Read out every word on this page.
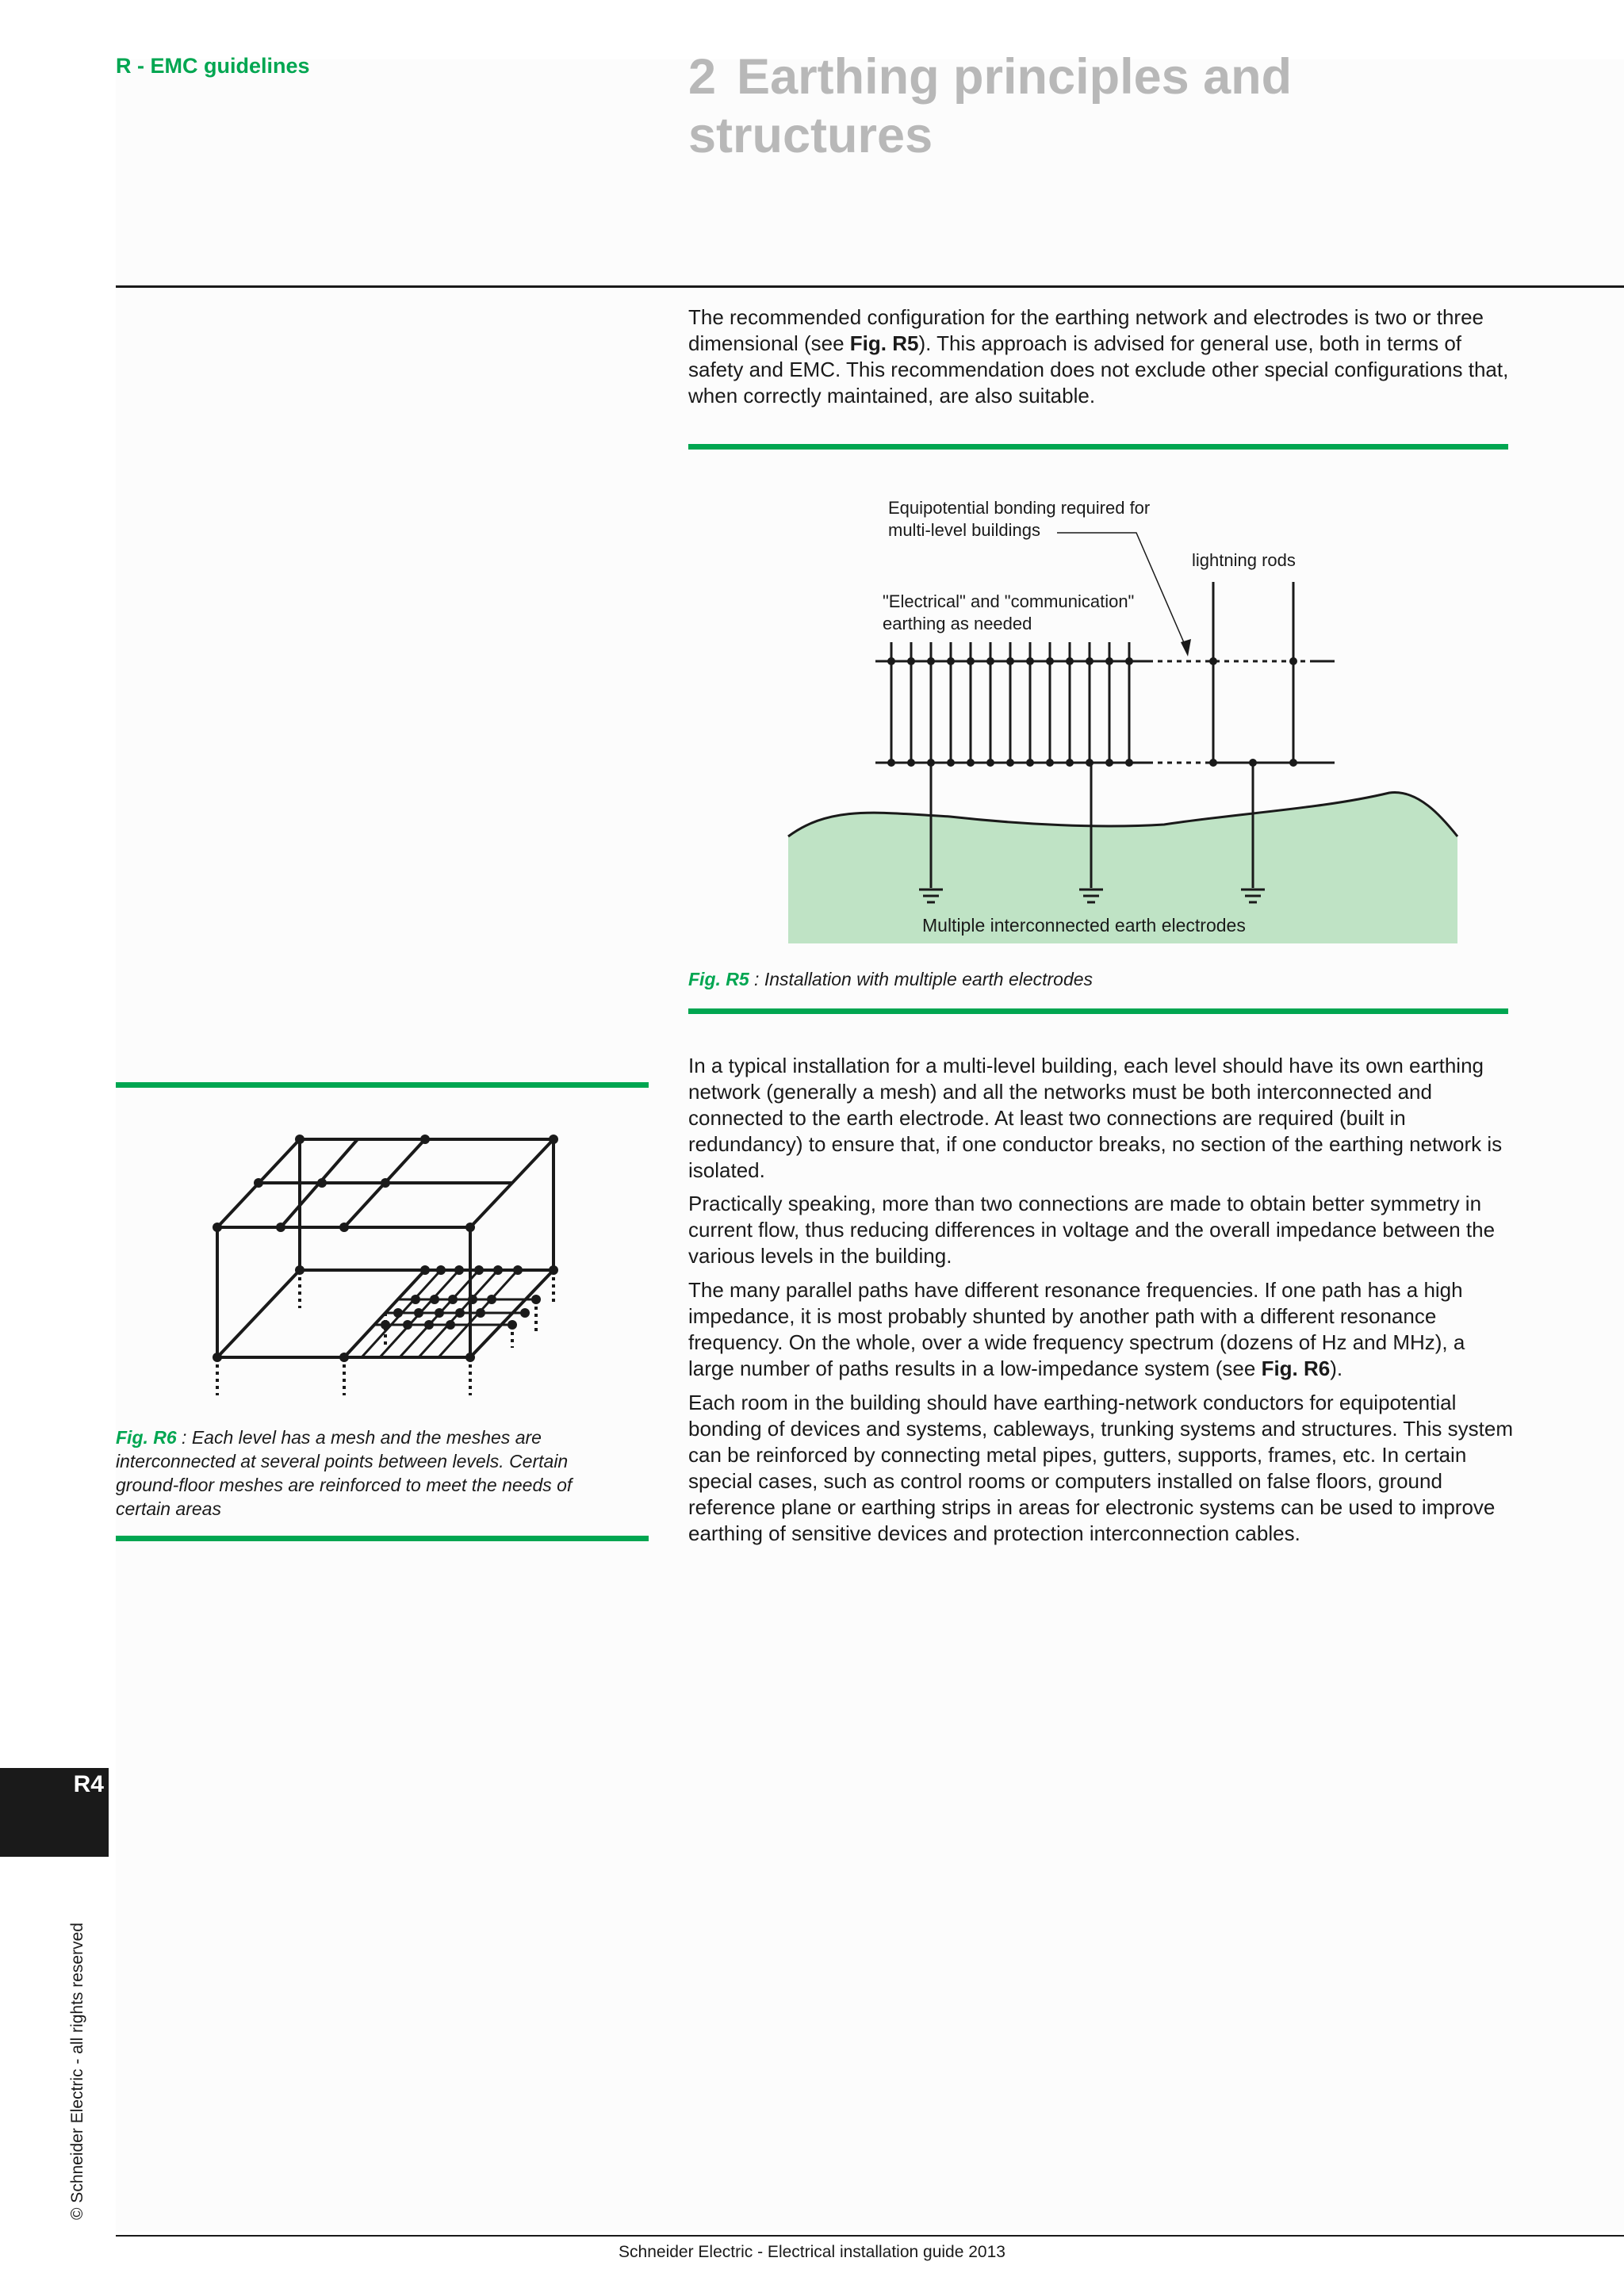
R - EMC guidelines	2 Earthing principles and structures

The recommended configuration for the earthing network and electrodes is two or three dimensional (see Fig. R5). This approach is advised for general use, both in terms of safety and EMC. This recommendation does not exclude other special configurations that, when correctly maintained, are also suitable.

Equipotential bonding required for
multi-level buildings
lightning rods
"Electrical" and "communication"
earthing as needed
Multiple interconnected earth electrodes

Fig. R5 : Installation with multiple earth electrodes

Fig. R6 : Each level has a mesh and the meshes are interconnected at several points between levels. Certain ground-floor meshes are reinforced to meet the needs of certain areas

In a typical installation for a multi-level building, each level should have its own earthing network (generally a mesh) and all the networks must be both interconnected and connected to the earth electrode. At least two connections are required (built in redundancy) to ensure that, if one conductor breaks, no section of the earthing network is isolated.

Practically speaking, more than two connections are made to obtain better symmetry in current flow, thus reducing differences in voltage and the overall impedance between the various levels in the building.

The many parallel paths have different resonance frequencies. If one path has a high impedance, it is most probably shunted by another path with a different resonance frequency. On the whole, over a wide frequency spectrum (dozens of Hz and MHz), a large number of paths results in a low-impedance system (see Fig. R6).

Each room in the building should have earthing-network conductors for equipotential bonding of devices and systems, cableways, trunking systems and structures. This system can be reinforced by connecting metal pipes, gutters, supports, frames, etc. In certain special cases, such as control rooms or computers installed on false floors, ground reference plane or earthing strips in areas for electronic systems can be used to improve earthing of sensitive devices and protection interconnection cables.

R4
© Schneider Electric - all rights reserved
Schneider Electric - Electrical installation guide 2013
